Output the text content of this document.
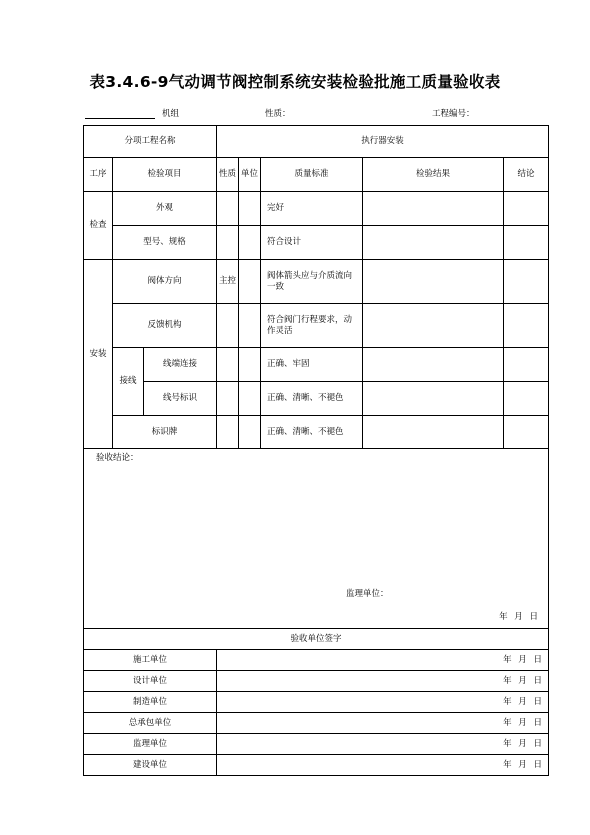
表3.4.6-9气动调节阀控制系统安装检验批施工质量验收表
机组	性质：	工程编号：
分项工程名称			执行器安装				
工序	检验项目		性质	单位	质量标准	检验结果	结论
检查	外观				完好		
	型号、规格				符合设计		
安装	阀体方向		主控		阀体箭头应与介质流向一致		
	反馈机构				符合阀门行程要求，动作灵活		
	接线	线端连接			正确、牢固		
		线号标识			正确、清晰、不褪色		
	标识牌				正确、清晰、不褪色		

验收结论：
监理单位：
年 月 日							

验收单位签字							
施工单位			年 月 日				
设计单位			年 月 日				
制造单位			年 月 日				
总承包单位			年 月 日				
监理单位			年 月 日				
建设单位			年 月 日				
